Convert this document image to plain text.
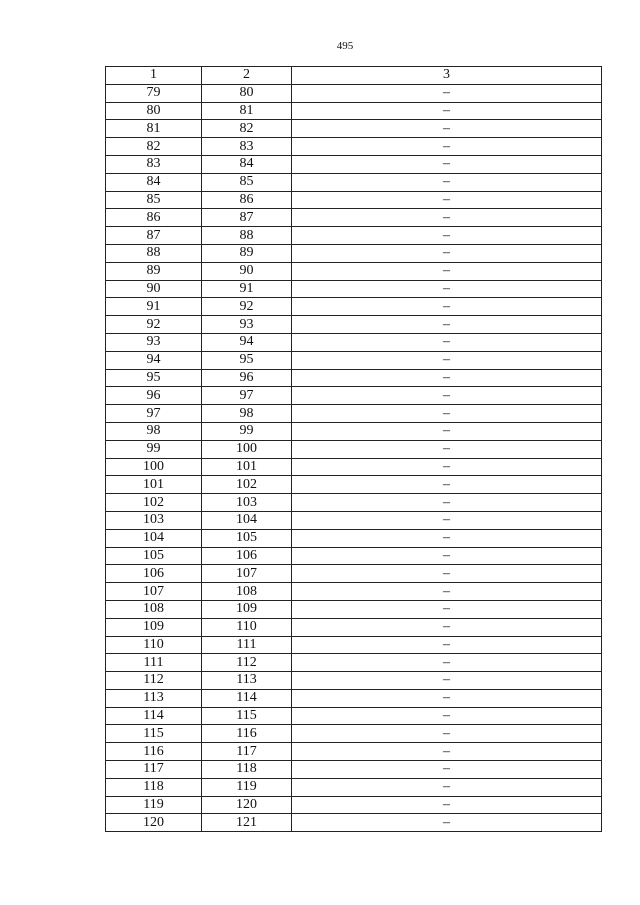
495
1	2	3
79	80	–
80	81	–
81	82	–
82	83	–
83	84	–
84	85	–
85	86	–
86	87	–
87	88	–
88	89	–
89	90	–
90	91	–
91	92	–
92	93	–
93	94	–
94	95	–
95	96	–
96	97	–
97	98	–
98	99	–
99	100	–
100	101	–
101	102	–
102	103	–
103	104	–
104	105	–
105	106	–
106	107	–
107	108	–
108	109	–
109	110	–
110	111	–
111	112	–
112	113	–
113	114	–
114	115	–
115	116	–
116	117	–
117	118	–
118	119	–
119	120	–
120	121	–
